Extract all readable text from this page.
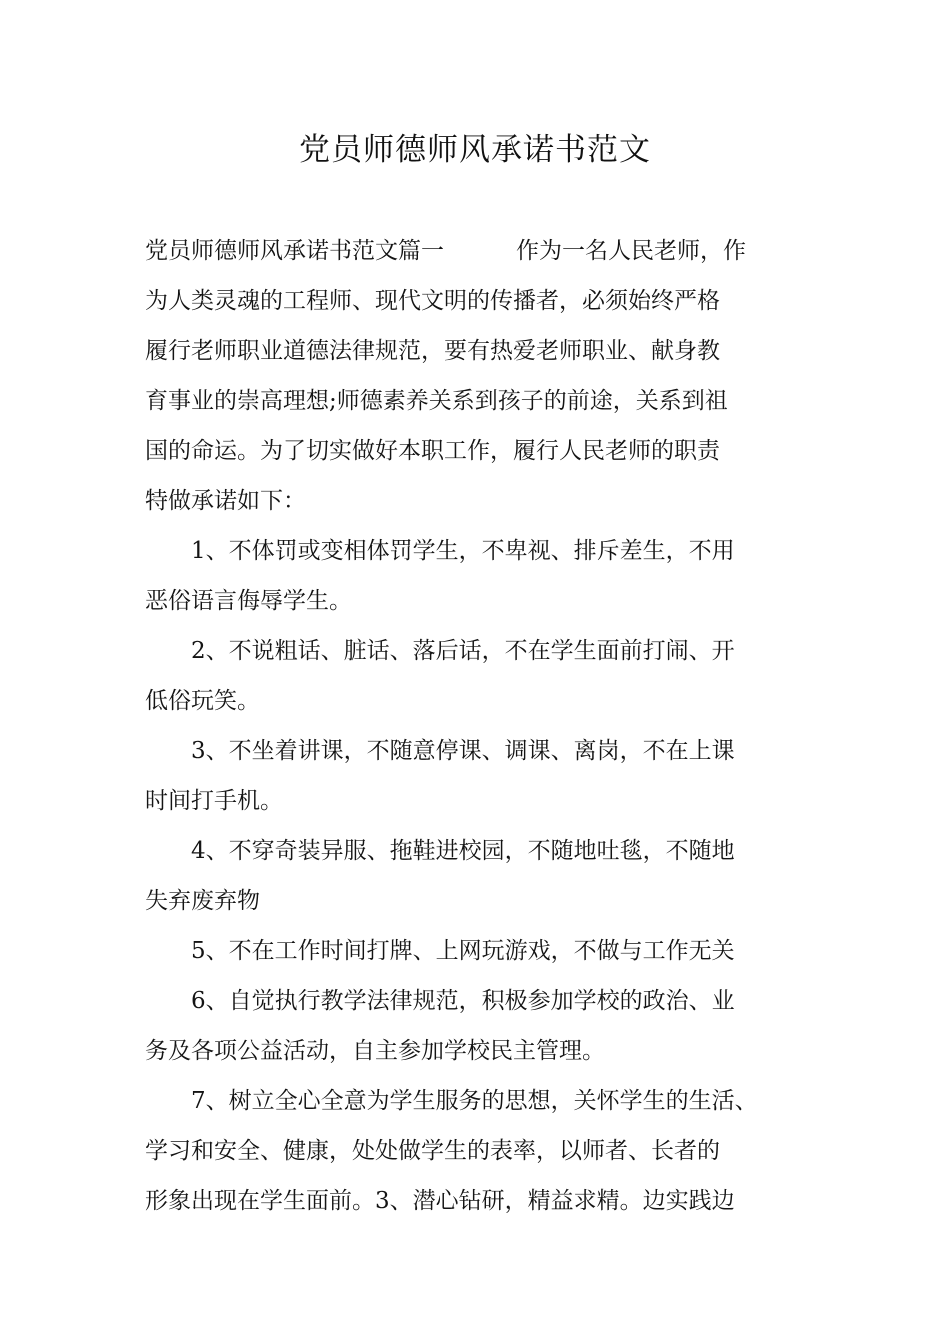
党员师德师风承诺书范文
党员师德师风承诺书范文篇一	作为一名人民老师，作
为人类灵魂的工程师、现代文明的传播者，必须始终严格
履行老师职业道德法律规范，要有热爱老师职业、献身教
育事业的崇高理想;师德素养关系到孩子的前途，关系到祖
国的命运。为了切实做好本职工作，履行人民老师的职责
特做承诺如下：
1、不体罚或变相体罚学生，不卑视、排斥差生，不用
恶俗语言侮辱学生。
2、不说粗话、脏话、落后话，不在学生面前打闹、开
低俗玩笑。
3、不坐着讲课，不随意停课、调课、离岗，不在上课
时间打手机。
4、不穿奇装异服、拖鞋进校园，不随地吐毯，不随地
失弃废弃物
5、不在工作时间打牌、上网玩游戏，不做与工作无关
6、自觉执行教学法律规范，积极参加学校的政治、业
务及各项公益活动，自主参加学校民主管理。
7、树立全心全意为学生服务的思想，关怀学生的生活、
学习和安全、健康，处处做学生的表率，以师者、长者的
形象出现在学生面前。3、潜心钻研，精益求精。边实践边
